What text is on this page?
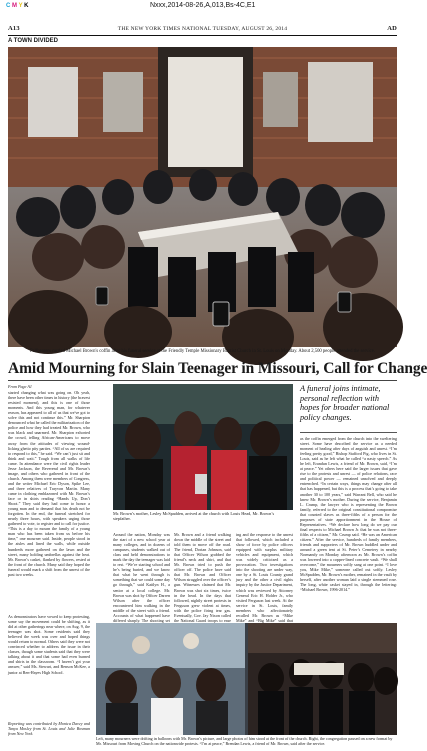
C M Y K	Nxxx,2014-08-26,A,013,Bs-4C,E1
A13	THE NEW YORK TIMES NATIONAL TUESDAY, AUGUST 26, 2014	AD
A TOWN DIVIDED
Pallbearers carried Michael Brown's coffin after his funeral service at the Friendly Temple Missionary Baptist Church in St. Louis on Monday. About 2,500 people attended the service.
Amid Mourning for Slain Teenager in Missouri, Call for Change
From Page A1
started changing what was going on. Oh yeah, there have been other times in history (the bravest resisted moment), and this is one of those moments. And this young man, for whatever reason, has appeared to all of us that we've got to solve this and not continue this.” Mr. Sharpton denounced what he called the militarization of the police and how they had treated Mr. Brown, who was black and unarmed. Mr. Sharpton exhorted the crowd, telling African-Americans to move away from the attitudes of viewing wound-licking ghetto pity parties. “All of us are required to respond to this,” he said. “We can’t just sit and think and wait.” Tough from all walks of life came. In attendance were the civil rights leader Jesse Jackson, the Reverend and Mr. Brown’s image, and others who gathered in front of the church. Among them were members of Congress, and the writer Michael Eric Dyson, Spike Lee, and three relatives of Trayvon Martin. Many came in clothing emblazoned with Mr. Brown’s face or in shirts reading “Hands Up, Don’t Shoot.” They said they had come to honor a young man and to demand that his death not be forgotten. In the end, the funeral stretched for nearly three hours, with speakers urging those gathered to vote, to register and to call for justice. “This is a day to mourn the family of a young man who has been taken from us before his time,” one mourner said. Inside, people stood in the aisles and lined the walls, while outside hundreds more gathered on the lawn and the street, many holding umbrellas against the heat. Mr. Brown’s casket, flanked by flowers, rested at the front of the church. Many said they hoped the funeral would mark a shift from the unrest of the past two weeks.
As demonstrators have vowed to keep protesting, some say the movement could be shifting, as it did at other gatherings near where, on Aug. 9, the teenager was shot. Some residents said they believed the week was over and hoped things would return to normal. Others said they were not convinced whether to address the issue in their classes, though some students said that they were talking about it and that some had even burned and shirts in the classroom. “I haven’t got your answer,” said Ms. Stewart, and Benson McKee, a junior at Ren-Hayes High School.
Reporting was contributed by Monica Davey and Tanya Mosley from St. Louis and Julie Bosman from New York.
Mr. Brown’s mother, Lesley McSpadden, arrived at the church with Louis Head, Mr. Brown’s stepfather.
A funeral joins intimate, personal reflection with hopes for broader national policy changes.
Around the nation, Monday was the start of a new school year at many colleges, and in dozens of campuses, students walked out of class and held demonstrations to mark the day the teenager was laid to rest. “We’re starting school and he’s being buried, and we know that what he went through is something that we could some day go through,” said Kaitlyn H., a senior at a local college. Mr. Brown was shot by Officer Darren Wilson after the officer encountered him walking in the middle of the street with a friend. Accounts of what happened have differed sharply. The shooting set
Mr. Brown and a friend walking down the middle of the street and told them to move off the road. The friend, Dorian Johnson, said that Officer Wilson grabbed the friend’s neck and shirt, and that Mr. Brown tried to push the officer off. The police have said that Mr. Brown and Officer Wilson struggled over the officer’s gun. Witnesses claimed that Mr. Brown was shot six times, twice in the head. In the days that followed, nightly street protests in Ferguson grew violent at times, with the police firing tear gas. Eventually, Gov. Jay Nixon called the National Guard troops to ease
ing and the response to the unrest that followed, which included a show of force by police officers equipped with surplus military vehicles and equipment, which was widely criticized as a provocation. Two investigations into the shooting are under way, one by a St. Louis County grand jury and the other a civil rights inquiry by the Justice Department, which was reviewed by Attorney General Eric H. Holder Jr., who visited Ferguson last week. At the service in St. Louis, family members who affectionately recalled Mr. Brown as “Mike Mike” and “Big Mike” said that
as the coffin emerged from the church into the sweltering street. Some have described the service as a needed moment of healing after days of anguish and unrest. “I’m feeling pretty good,” Bishop Stafford Pig, who lives in St. Louis, said as he left what he called “a nasty speech.” As he left, Erandun Lewis, a friend of Mr. Brown, said, “I’m at peace.” Yet others here said the larger issues that gave rise to the protests and unrest — of police relations, race and political power — remained unsolved and deeply entrenched. “In certain ways, things may change after all that has happened, but this is a process that’s going to take another 30 to 100 years,” said Warrant Bell, who said he knew Mr. Brown’s mother. During the service, Benjamin L. Crump, the lawyer who is representing the Brown family, referred to the original constitutional compromise that counted slaves as three-fifths of a person for the purposes of state apportionment in the House of Representatives. “We declare how long do we pay our final respects to Michael Brown Jr. that he was not three-fifths of a citizen,” Mr. Crump said. “He was an American citizen.” After the service, hundreds of family members, friends and supporters of Mr. Brown huddled under and around a green tent at St. Peter’s Cemetery in nearby Normandy on Monday afternoon as Mr. Brown’s coffin was lowered into a copper-lined concrete vault. “We shall overcome,” the mourners softly sang at one point. “I love you, Mike Mike,” someone called out softly. Lesley McSpadden, Mr. Brown’s mother, remained in the vault by herself, after another woman laid a single stemmed rose. The long, white casket stayed in, through the lettering: “Michael Brown, 1996-2014.”
Left, many mourners were drifting in balloons with Mr. Brown’s picture, and large photos of him stood at the front of the church. Right, the congregation paused on a new format by Mr. Missouri from Moving Church on the nationwide protests. “I’m at peace,” Brendan Lewis, a friend of Mr. Brown, said after the service.
